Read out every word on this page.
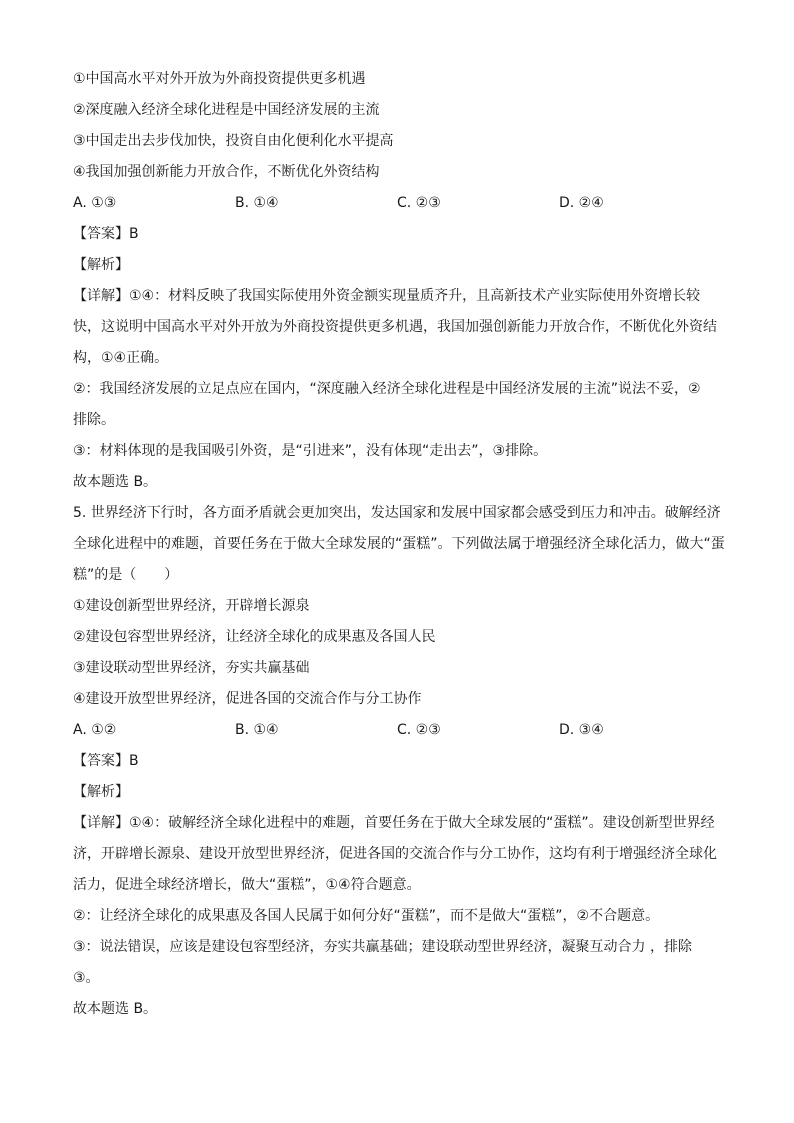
①中国高水平对外开放为外商投资提供更多机遇
②深度融入经济全球化进程是中国经济发展的主流
③中国走出去步伐加快，投资自由化便利化水平提高
④我国加强创新能力开放合作，不断优化外资结构
A. ①③	B. ①④	C. ②③	D. ②④
【答案】B
【解析】
【详解】①④：材料反映了我国实际使用外资金额实现量质齐升，且高新技术产业实际使用外资增长较
快，这说明中国高水平对外开放为外商投资提供更多机遇，我国加强创新能力开放合作，不断优化外资结
构，①④正确。
②：我国经济发展的立足点应在国内，“深度融入经济全球化进程是中国经济发展的主流”说法不妥，②
排除。
③：材料体现的是我国吸引外资，是“引进来”，没有体现“走出去”，③排除。
故本题选 B。
5. 世界经济下行时，各方面矛盾就会更加突出，发达国家和发展中国家都会感受到压力和冲击。破解经济
全球化进程中的难题，首要任务在于做大全球发展的“蛋糕”。下列做法属于增强经济全球化活力，做大“蛋
糕”的是（　　）
①建设创新型世界经济，开辟增长源泉
②建设包容型世界经济，让经济全球化的成果惠及各国人民
③建设联动型世界经济，夯实共赢基础
④建设开放型世界经济，促进各国的交流合作与分工协作
A. ①②	B. ①④	C. ②③	D. ③④
【答案】B
【解析】
【详解】①④：破解经济全球化进程中的难题，首要任务在于做大全球发展的“蛋糕”。建设创新型世界经
济，开辟增长源泉、建设开放型世界经济，促进各国的交流合作与分工协作，这均有利于增强经济全球化
活力，促进全球经济增长，做大“蛋糕”，①④符合题意。
②：让经济全球化的成果惠及各国人民属于如何分好“蛋糕”，而不是做大“蛋糕”，②不合题意。
③：说法错误，应该是建设包容型经济，夯实共赢基础；建设联动型世界经济，凝聚互动合力 ，排除
③。
故本题选 B。
